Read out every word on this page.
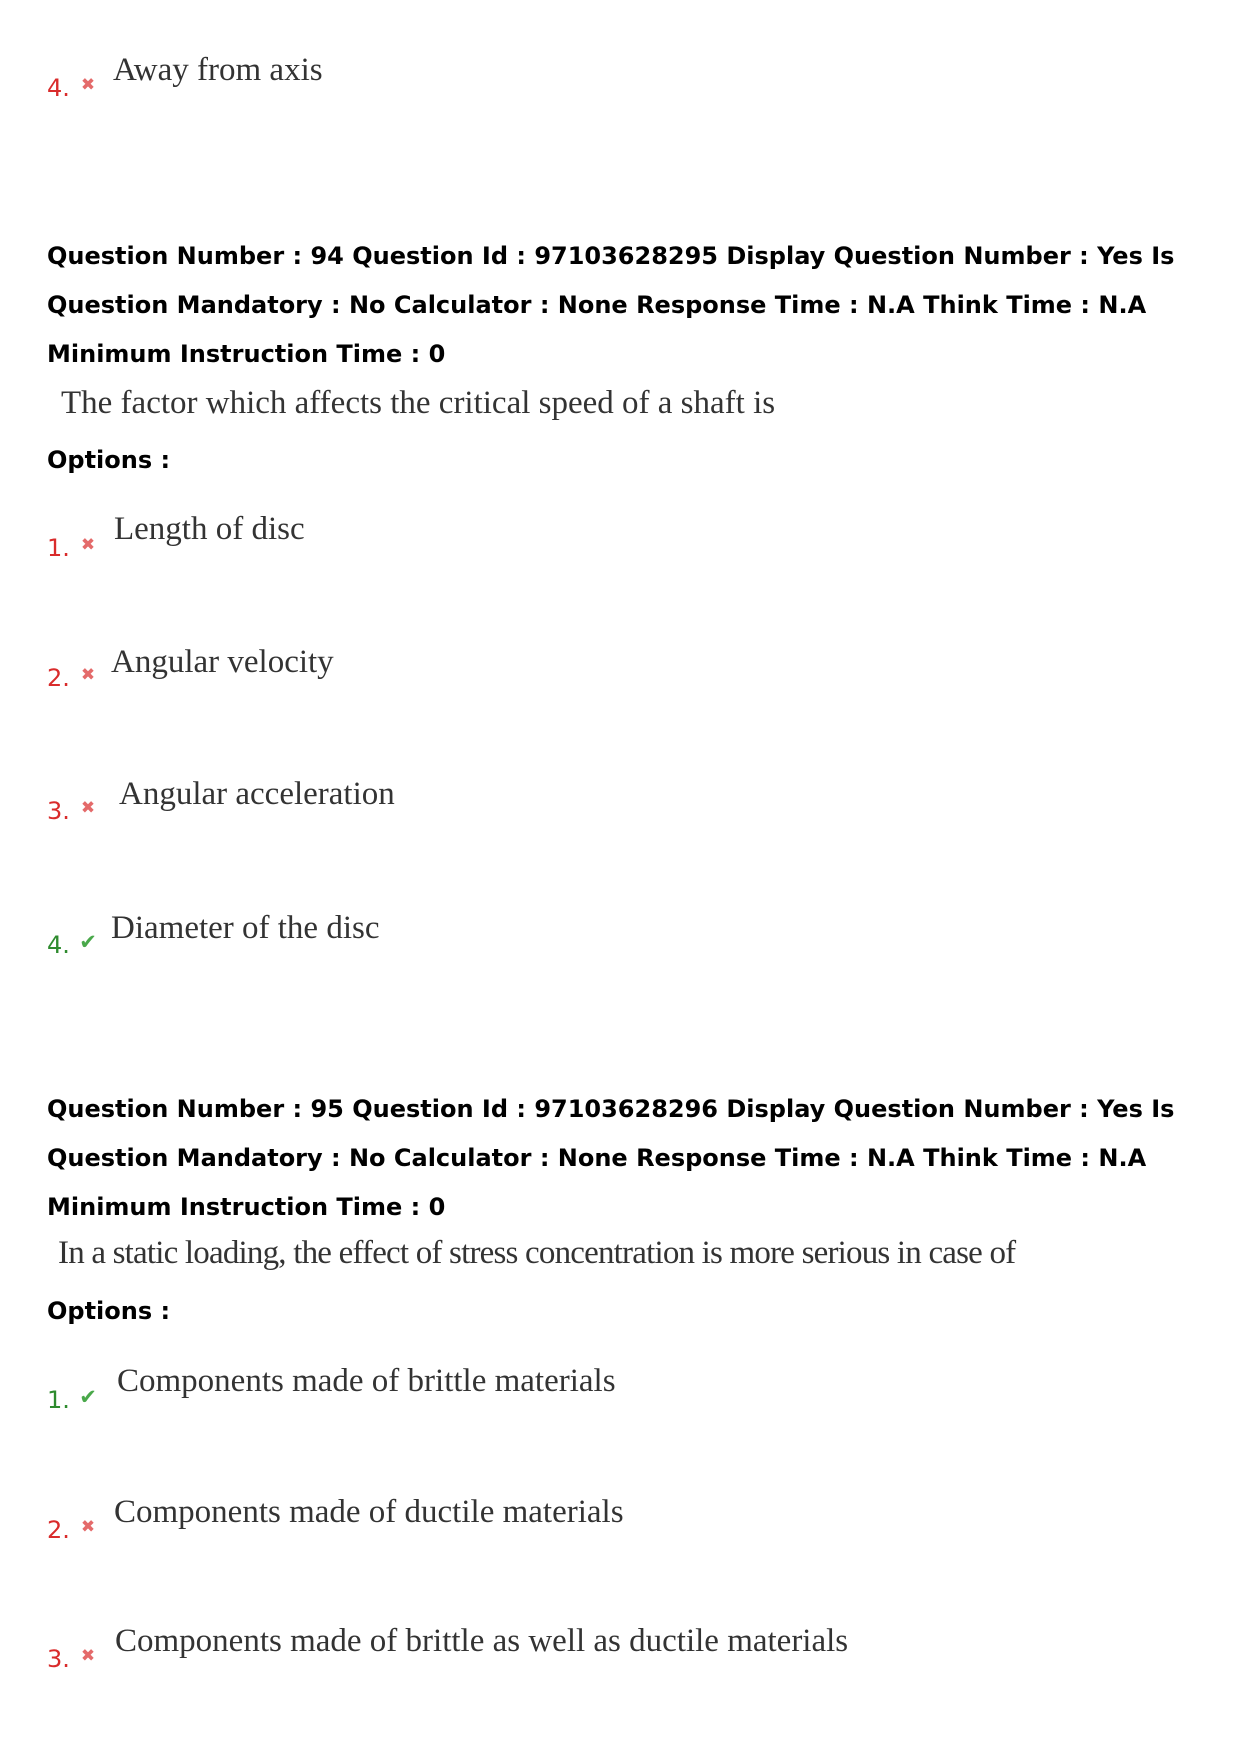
4. ✖ Away from axis

Question Number : 94 Question Id : 97103628295 Display Question Number : Yes Is Question Mandatory : No Calculator : None Response Time : N.A Think Time : N.A Minimum Instruction Time : 0

The factor which affects the critical speed of a shaft is
Options :
1. ✖ Length of disc
2. ✖ Angular velocity
3. ✖ Angular acceleration
4. ✔ Diameter of the disc

Question Number : 95 Question Id : 97103628296 Display Question Number : Yes Is Question Mandatory : No Calculator : None Response Time : N.A Think Time : N.A Minimum Instruction Time : 0

In a static loading, the effect of stress concentration is more serious in case of
Options :
1. ✔ Components made of brittle materials
2. ✖ Components made of ductile materials
3. ✖ Components made of brittle as well as ductile materials
